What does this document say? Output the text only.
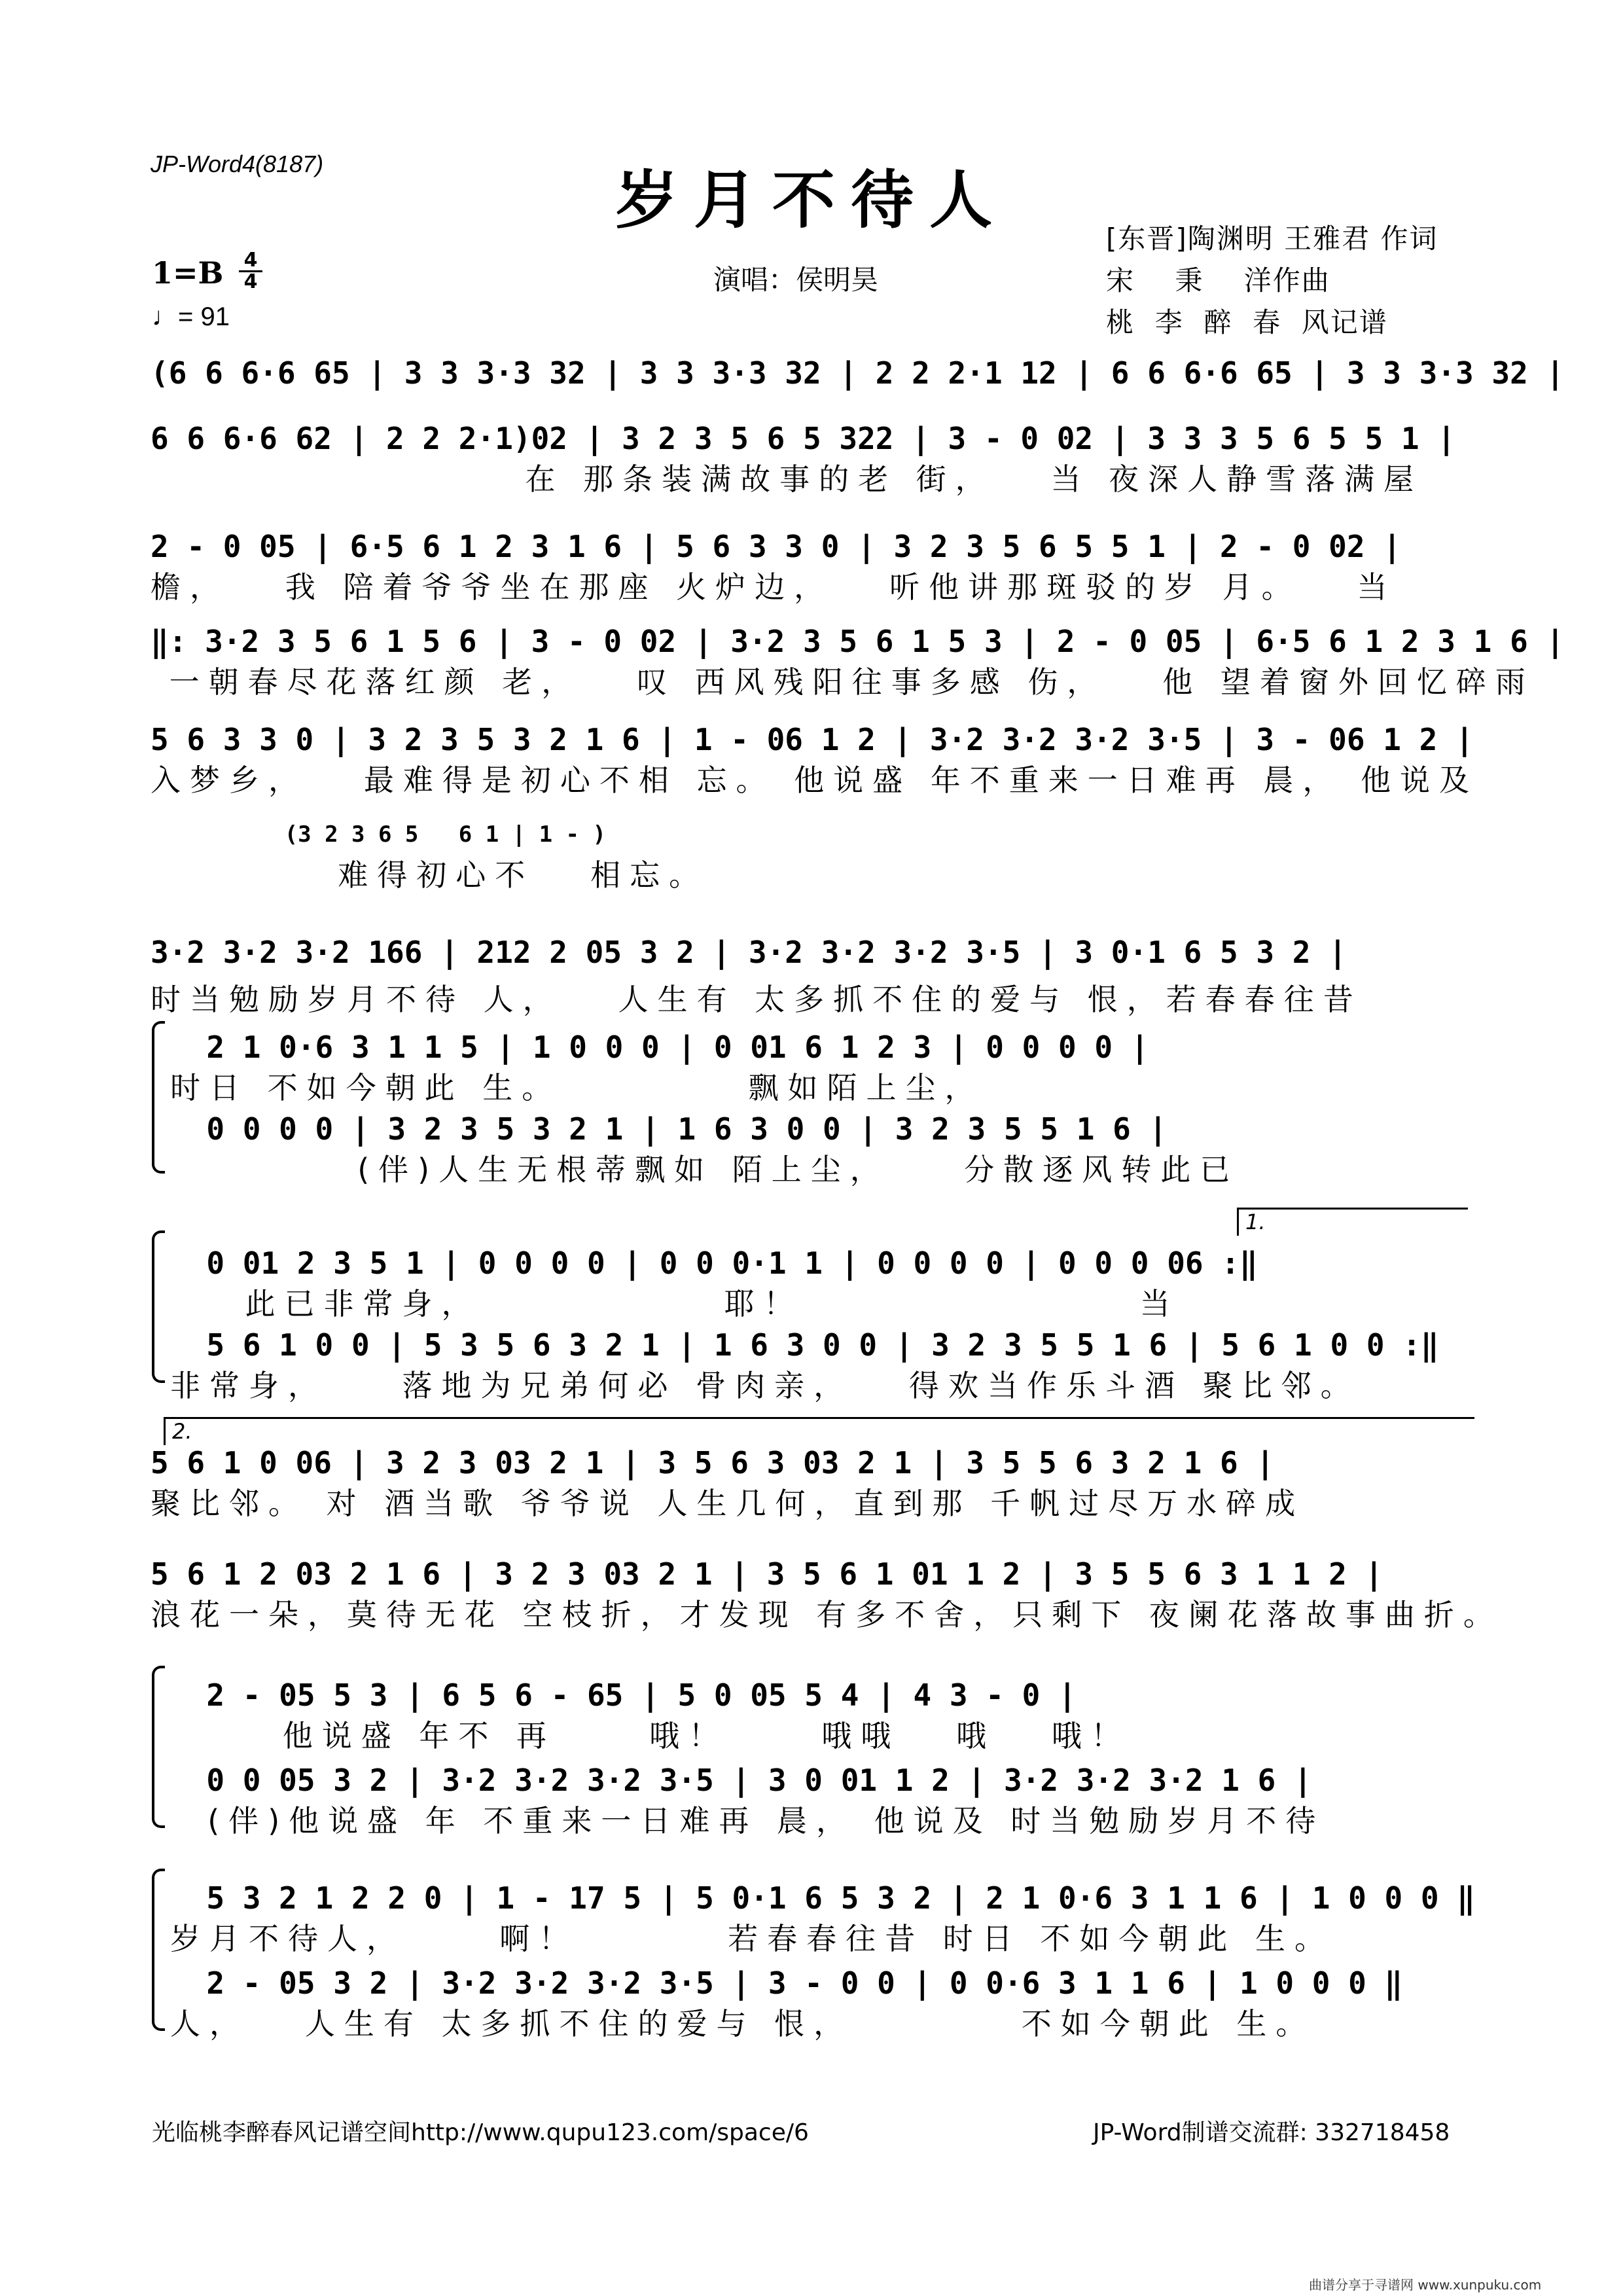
JP-Word4(8187)	岁月不待人
1=B 4
4
♩= 91
演唱：侯明昊
[东晋]陶渊明 王雅君 作词
宋    秉    洋作曲
桃  李  醉  春  风记谱
(6 6 6·6 65 | 3 3 3·3 32 | 3 3 3·3 32 | 2 2 2·1 12 | 6 6 6·6 65 | 3 3 3·3 32 |
6 6 6·6 62 | 2 2 2·1)02 | 3 2 3 5 6 5 322 | 3 - 0 02 | 3 3 3 5 6 5 5 1 |
在 那条装满故事的老 街，   当 夜深人静雪落满屋
2 - 0 05 | 6·5 6 1 2 3 1 6 | 5 6 3 3 0 | 3 2 3 5 6 5 5 1 | 2 - 0 02 |
檐，   我 陪着爷爷坐在那座 火炉边，   听他讲那斑驳的岁 月。   当
‖: 3·2 3 5 6 1 5 6 | 3 - 0 02 | 3·2 3 5 6 1 5 3 | 2 - 0 05 | 6·5 6 1 2 3 1 6 |
一朝春尽花落红颜 老，   叹 西风残阳往事多感 伤，   他 望着窗外回忆碎雨
5 6 3 3 0 | 3 2 3 5 3 2 1 6 | 1 - 06 1 2 | 3·2 3·2 3·2 3·5 | 3 - 06 1 2 |
入梦乡，   最难得是初心不相 忘。 他说盛 年不重来一日难再 晨， 他说及
(3 2 3 6 5   6 1 | 1 - )
难得初心不   相忘。
3·2 3·2 3·2 166 | 212 2 05 3 2 | 3·2 3·2 3·2 3·5 | 3 0·1 6 5 3 2 |
时当勉励岁月不待 人，   人生有 太多抓不住的爱与 恨，若春春往昔
2 1 0·6 3 1 1 5 | 1 0 0 0 | 0 01 6 1 2 3 | 0 0 0 0 |
时日 不如今朝此 生。          飘如陌上尘，
0 0 0 0 | 3 2 3 5 3 2 1 | 1 6 3 0 0 | 3 2 3 5 5 1 6 |
(伴)人生无根蒂飘如 陌上尘，    分散逐风转此已
1.
0 01 2 3 5 1 | 0 0 0 0 | 0 0 0·1 1 | 0 0 0 0 | 0 0 0 06 :‖
此已非常身，             耶！                  当
5 6 1 0 0 | 5 3 5 6 3 2 1 | 1 6 3 0 0 | 3 2 3 5 5 1 6 | 5 6 1 0 0 :‖
非常身，    落地为兄弟何必 骨肉亲，   得欢当作乐斗酒 聚比邻。
2.
5 6 1 0 06 | 3 2 3 03 2 1 | 3 5 6 3 03 2 1 | 3 5 5 6 3 2 1 6 |
聚比邻。 对 酒当歌 爷爷说 人生几何，直到那 千帆过尽万水碎成
5 6 1 2 03 2 1 6 | 3 2 3 03 2 1 | 3 5 6 1 01 1 2 | 3 5 5 6 3 1 1 2 |
浪花一朵，莫待无花 空枝折，才发现 有多不舍，只剩下 夜阑花落故事曲折。
2 - 05 5 3 | 6 5 6 - 65 | 5 0 05 5 4 | 4 3 - 0 |
他说盛 年不 再     哦！     哦哦   哦   哦！
0 0 05 3 2 | 3·2 3·2 3·2 3·5 | 3 0 01 1 2 | 3·2 3·2 3·2 1 6 |
(伴)他说盛 年 不重来一日难再 晨， 他说及 时当勉励岁月不待
5 3 2 1 2 2 0 | 1 - 17 5 | 5 0·1 6 5 3 2 | 2 1 0·6 3 1 1 6 | 1 0 0 0 ‖
岁月不待人，     啊！        若春春往昔 时日 不如今朝此 生。
2 - 05 3 2 | 3·2 3·2 3·2 3·5 | 3 - 0 0 | 0 0·6 3 1 1 6 | 1 0 0 0 ‖
人，   人生有 太多抓不住的爱与 恨，         不如今朝此 生。
光临桃李醉春风记谱空间http://www.qupu123.com/space/6	JP-Word制谱交流群: 332718458
曲谱分享于寻谱网 www.xunpuku.com
